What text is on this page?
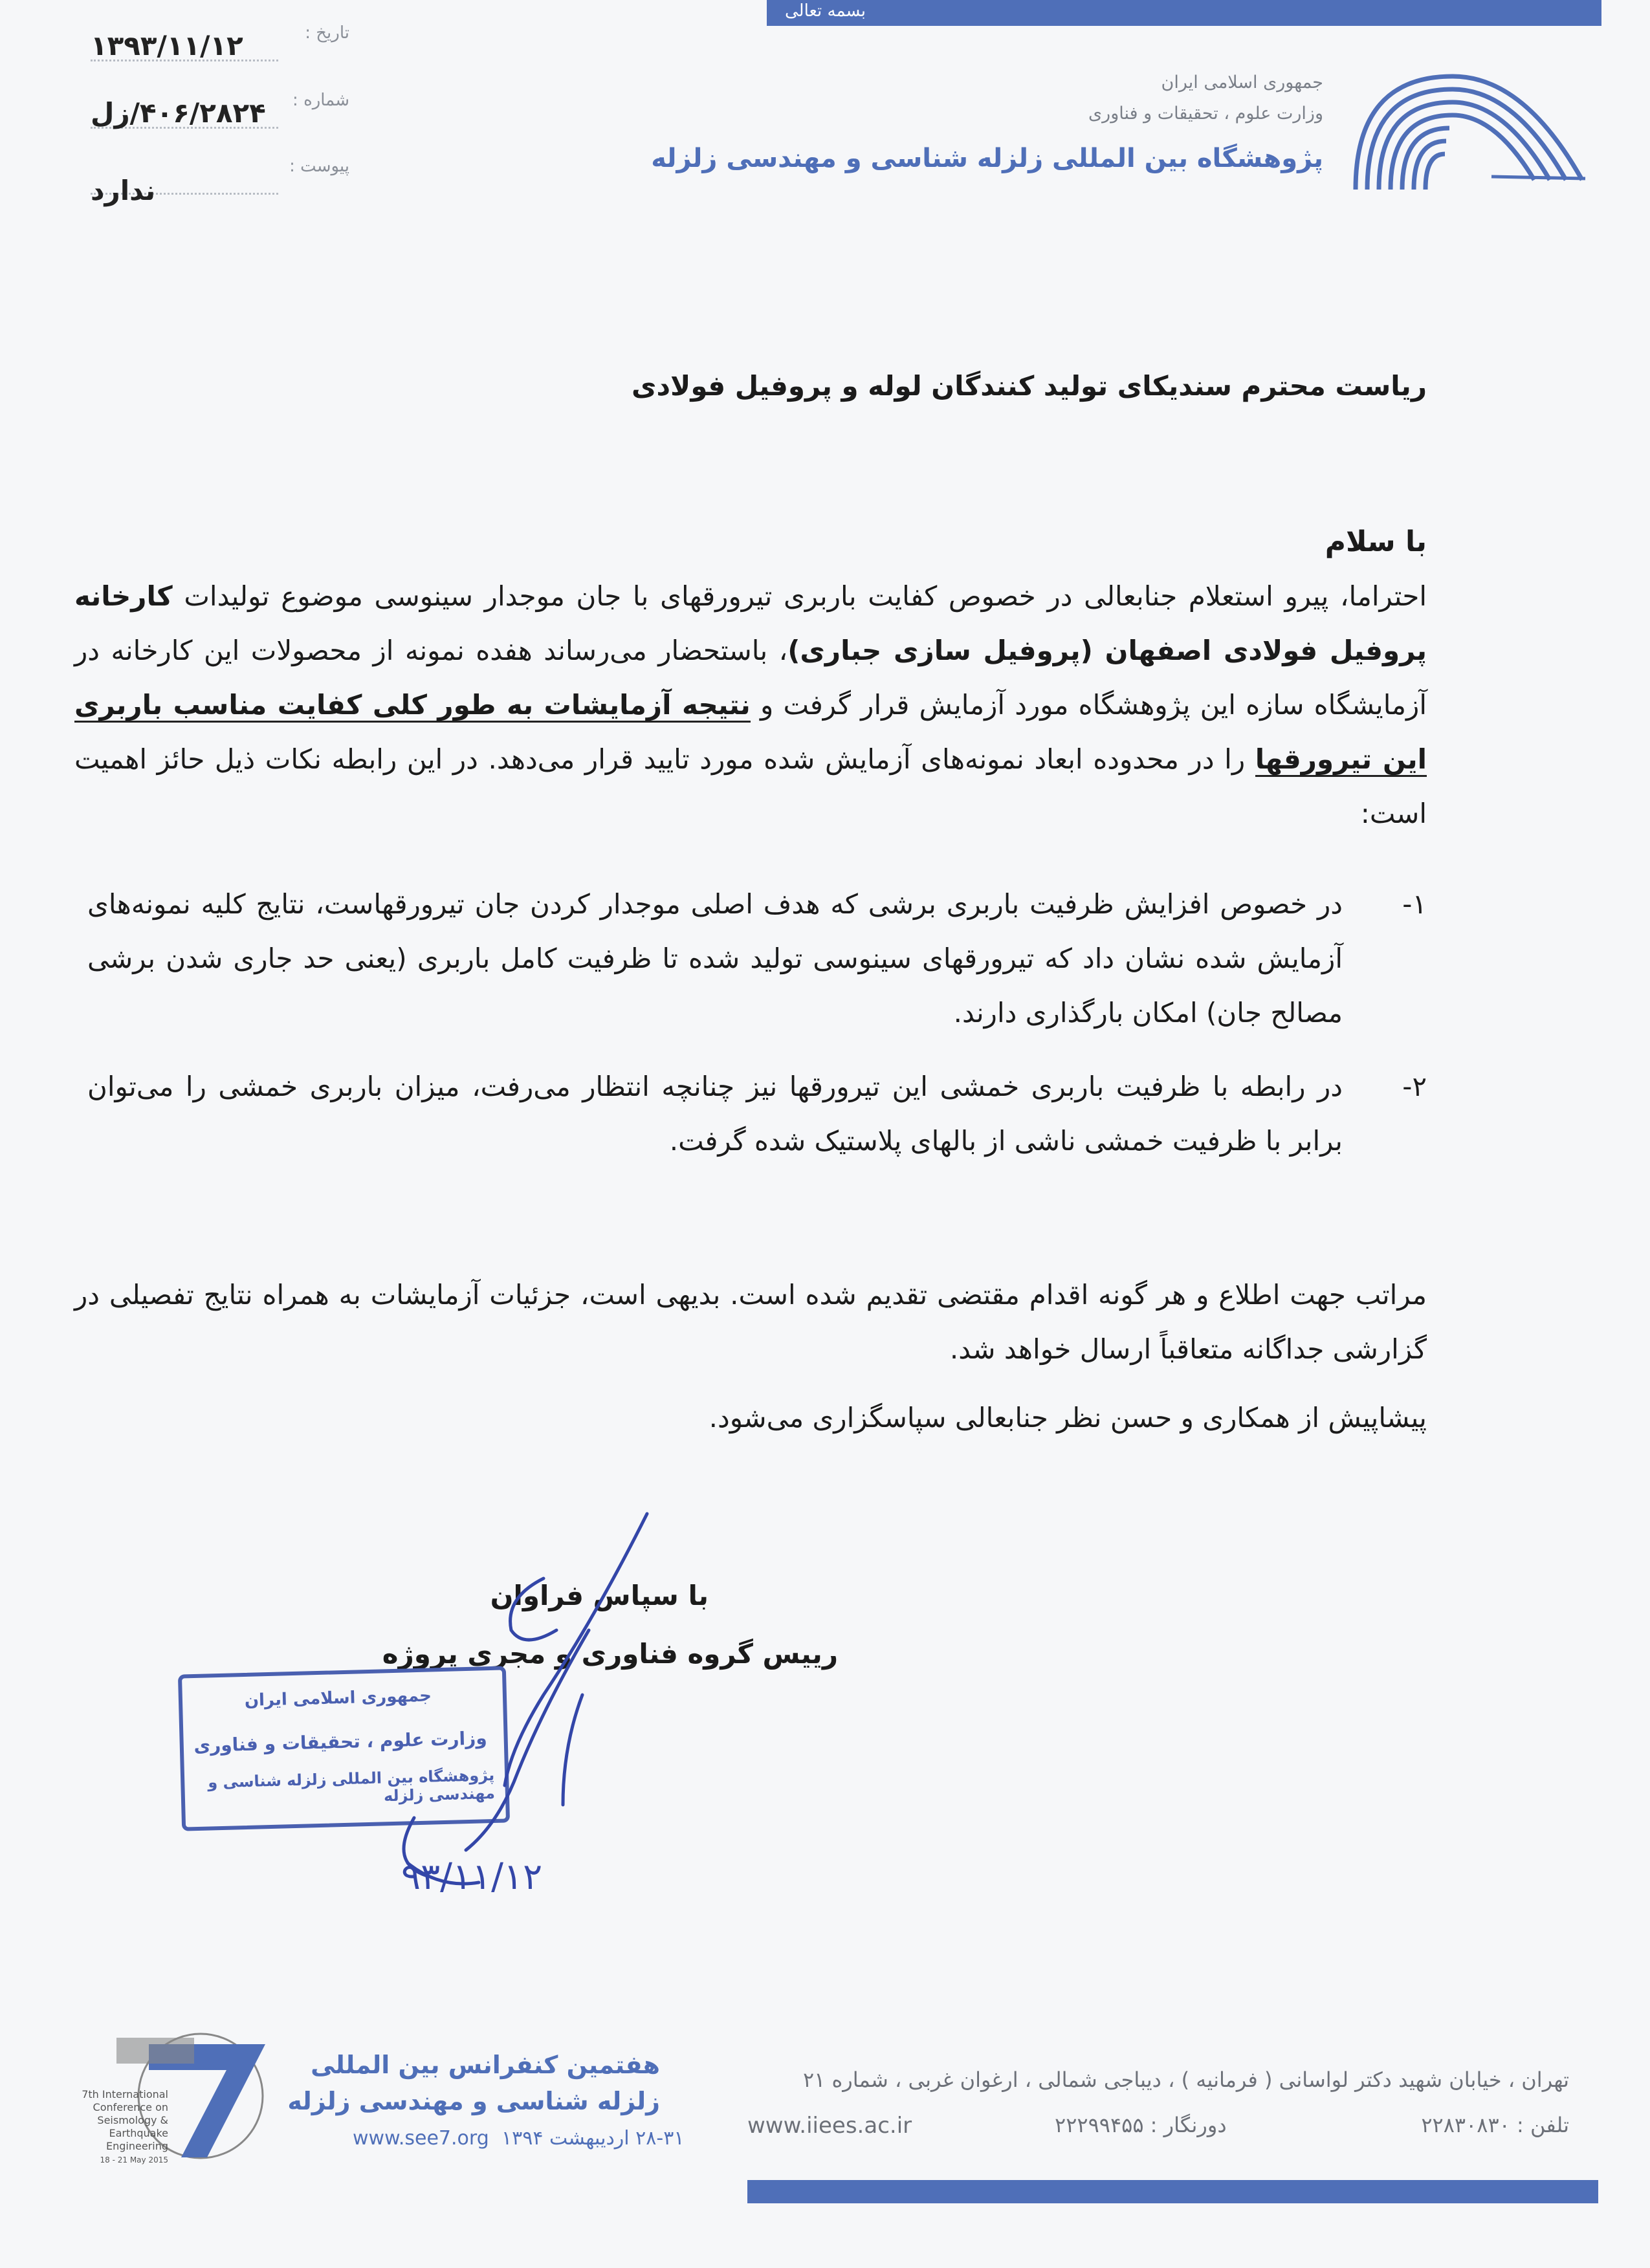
بسمه تعالی
تاریخ :
۱۳۹۳/۱۱/۱۲
شماره :
۴۰۶/۲۸۲۴/زل
پیوست :
ندارد
جمهوری اسلامی ایران
وزارت علوم ، تحقیقات و فناوری
پژوهشگاه بین المللی زلزله شناسی و مهندسی زلزله
ریاست محترم سندیکای تولید کنندگان لوله و پروفیل فولادی
با سلام
احتراما، پیرو استعلام جنابعالی در خصوص کفایت باربری تیرورقهای با جان موجدار سینوسی موضوع تولیدات کارخانه پروفیل فولادی اصفهان (پروفیل سازی جباری)، باستحضار می‌رساند هفده نمونه از محصولات این کارخانه در آزمایشگاه سازه این پژوهشگاه مورد آزمایش قرار گرفت و نتیجه آزمایشات به طور کلی کفایت مناسب باربری این تیرورقها را در محدوده ابعاد نمونه‌های آزمایش شده مورد تایید قرار می‌دهد. در این رابطه نکات ذیل حائز اهمیت است:
۱-
در خصوص افزایش ظرفیت باربری برشی که هدف اصلی موجدار کردن جان تیرورقهاست، نتایج کلیه نمونه‌های آزمایش شده نشان داد که تیرورقهای سینوسی تولید شده تا ظرفیت کامل باربری (یعنی حد جاری شدن برشی مصالح جان) امکان بارگذاری دارند.
۲-
در رابطه با ظرفیت باربری خمشی این تیرورقها نیز چنانچه انتظار می‌رفت، میزان باربری خمشی را می‌توان برابر با ظرفیت خمشی ناشی از بالهای پلاستیک شده گرفت.
مراتب جهت اطلاع و هر گونه اقدام مقتضی تقدیم شده است. بدیهی است، جزئیات آزمایشات به همراه نتایج تفصیلی در گزارشی جداگانه متعاقباً ارسال خواهد شد.
پیشاپیش از همکاری و حسن نظر جنابعالی سپاسگزاری می‌شود.
با سپاس فراوان
رییس گروه فناوری و مجری پروژه
جمهوری اسلامی ایران
وزارت علوم ، تحقیقات و فناوری
پژوهشگاه بین المللی زلزله شناسی و مهندسی زلزله
۹۳/۱۱/۱۲
7th International Conference on Seismology & Earthquake Engineering
18 - 21 May 2015
هفتمین کنفرانس بین المللی
زلزله شناسی و مهندسی زلزله
www.see7.org ۲۸-۳۱ اردیبهشت ۱۳۹۴
تهران ، خیابان شهید دکتر لواسانی ( فرمانیه ) ، دیباجی شمالی ، ارغوان غربی ، شماره ۲۱
www.iiees.ac.ir	دورنگار : ۲۲۲۹۹۴۵۵	تلفن : ۲۲۸۳۰۸۳۰
